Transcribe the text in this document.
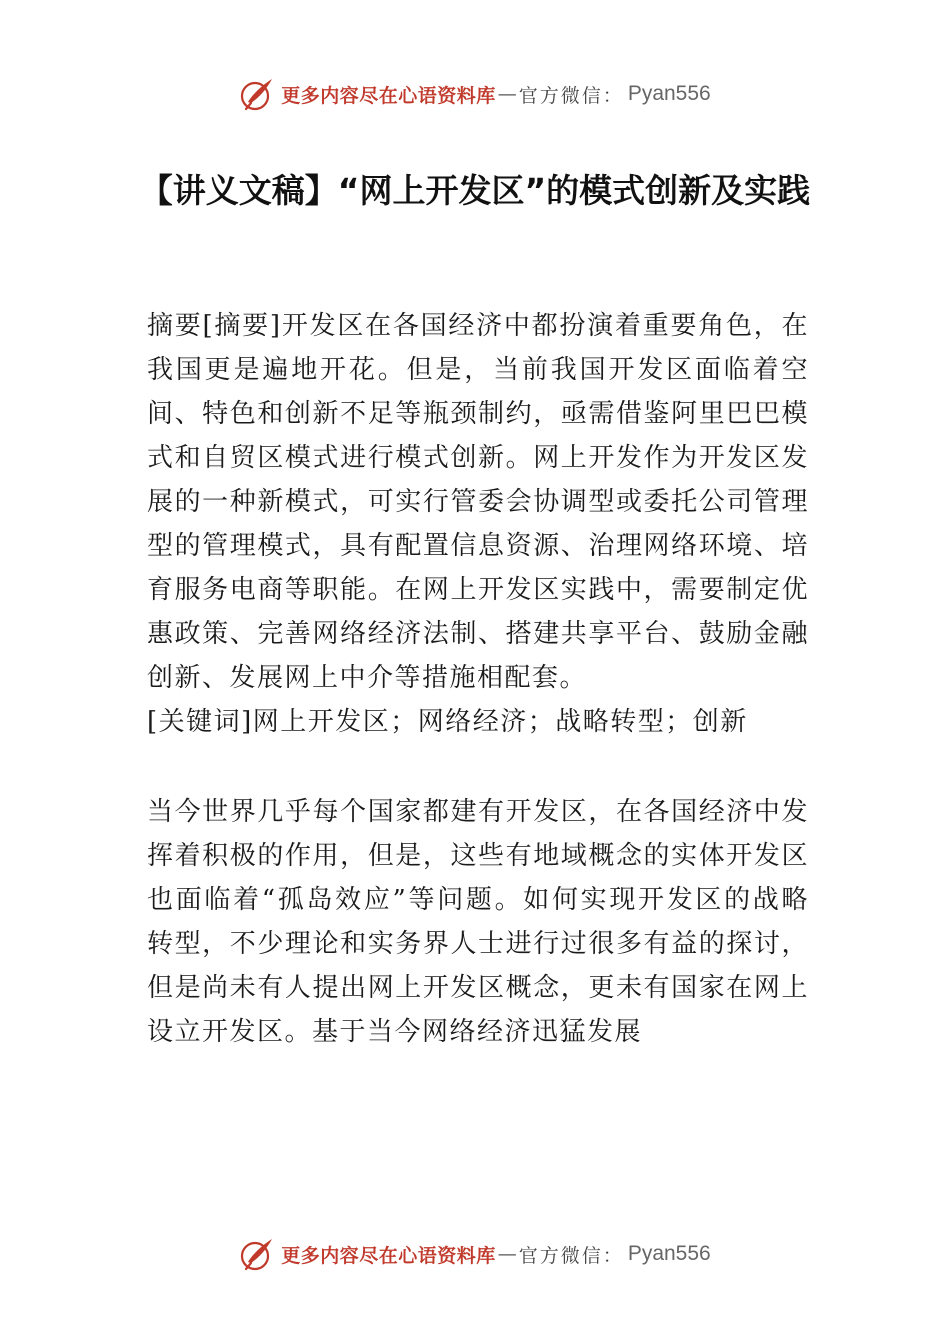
更多内容尽在心语资料库 — 官方微信： Pyan556
【讲义文稿】“网上开发区”的模式创新及实践

摘要[摘要]开发区在各国经济中都扮演着重要角色，在我国更是遍地开花。但是，当前我国开发区面临着空间、特色和创新不足等瓶颈制约，亟需借鉴阿里巴巴模式和自贸区模式进行模式创新。网上开发作为开发区发展的一种新模式，可实行管委会协调型或委托公司管理型的管理模式，具有配置信息资源、治理网络环境、培育服务电商等职能。在网上开发区实践中，需要制定优惠政策、完善网络经济法制、搭建共享平台、鼓励金融创新、发展网上中介等措施相配套。

[关键词]网上开发区；网络经济；战略转型；创新

当今世界几乎每个国家都建有开发区，在各国经济中发挥着积极的作用，但是，这些有地域概念的实体开发区也面临着“孤岛效应”等问题。如何实现开发区的战略转型，不少理论和实务界人士进行过很多有益的探讨，但是尚未有人提出网上开发区概念，更未有国家在网上设立开发区。基于当今网络经济迅猛发展

更多内容尽在心语资料库 — 官方微信： Pyan556
